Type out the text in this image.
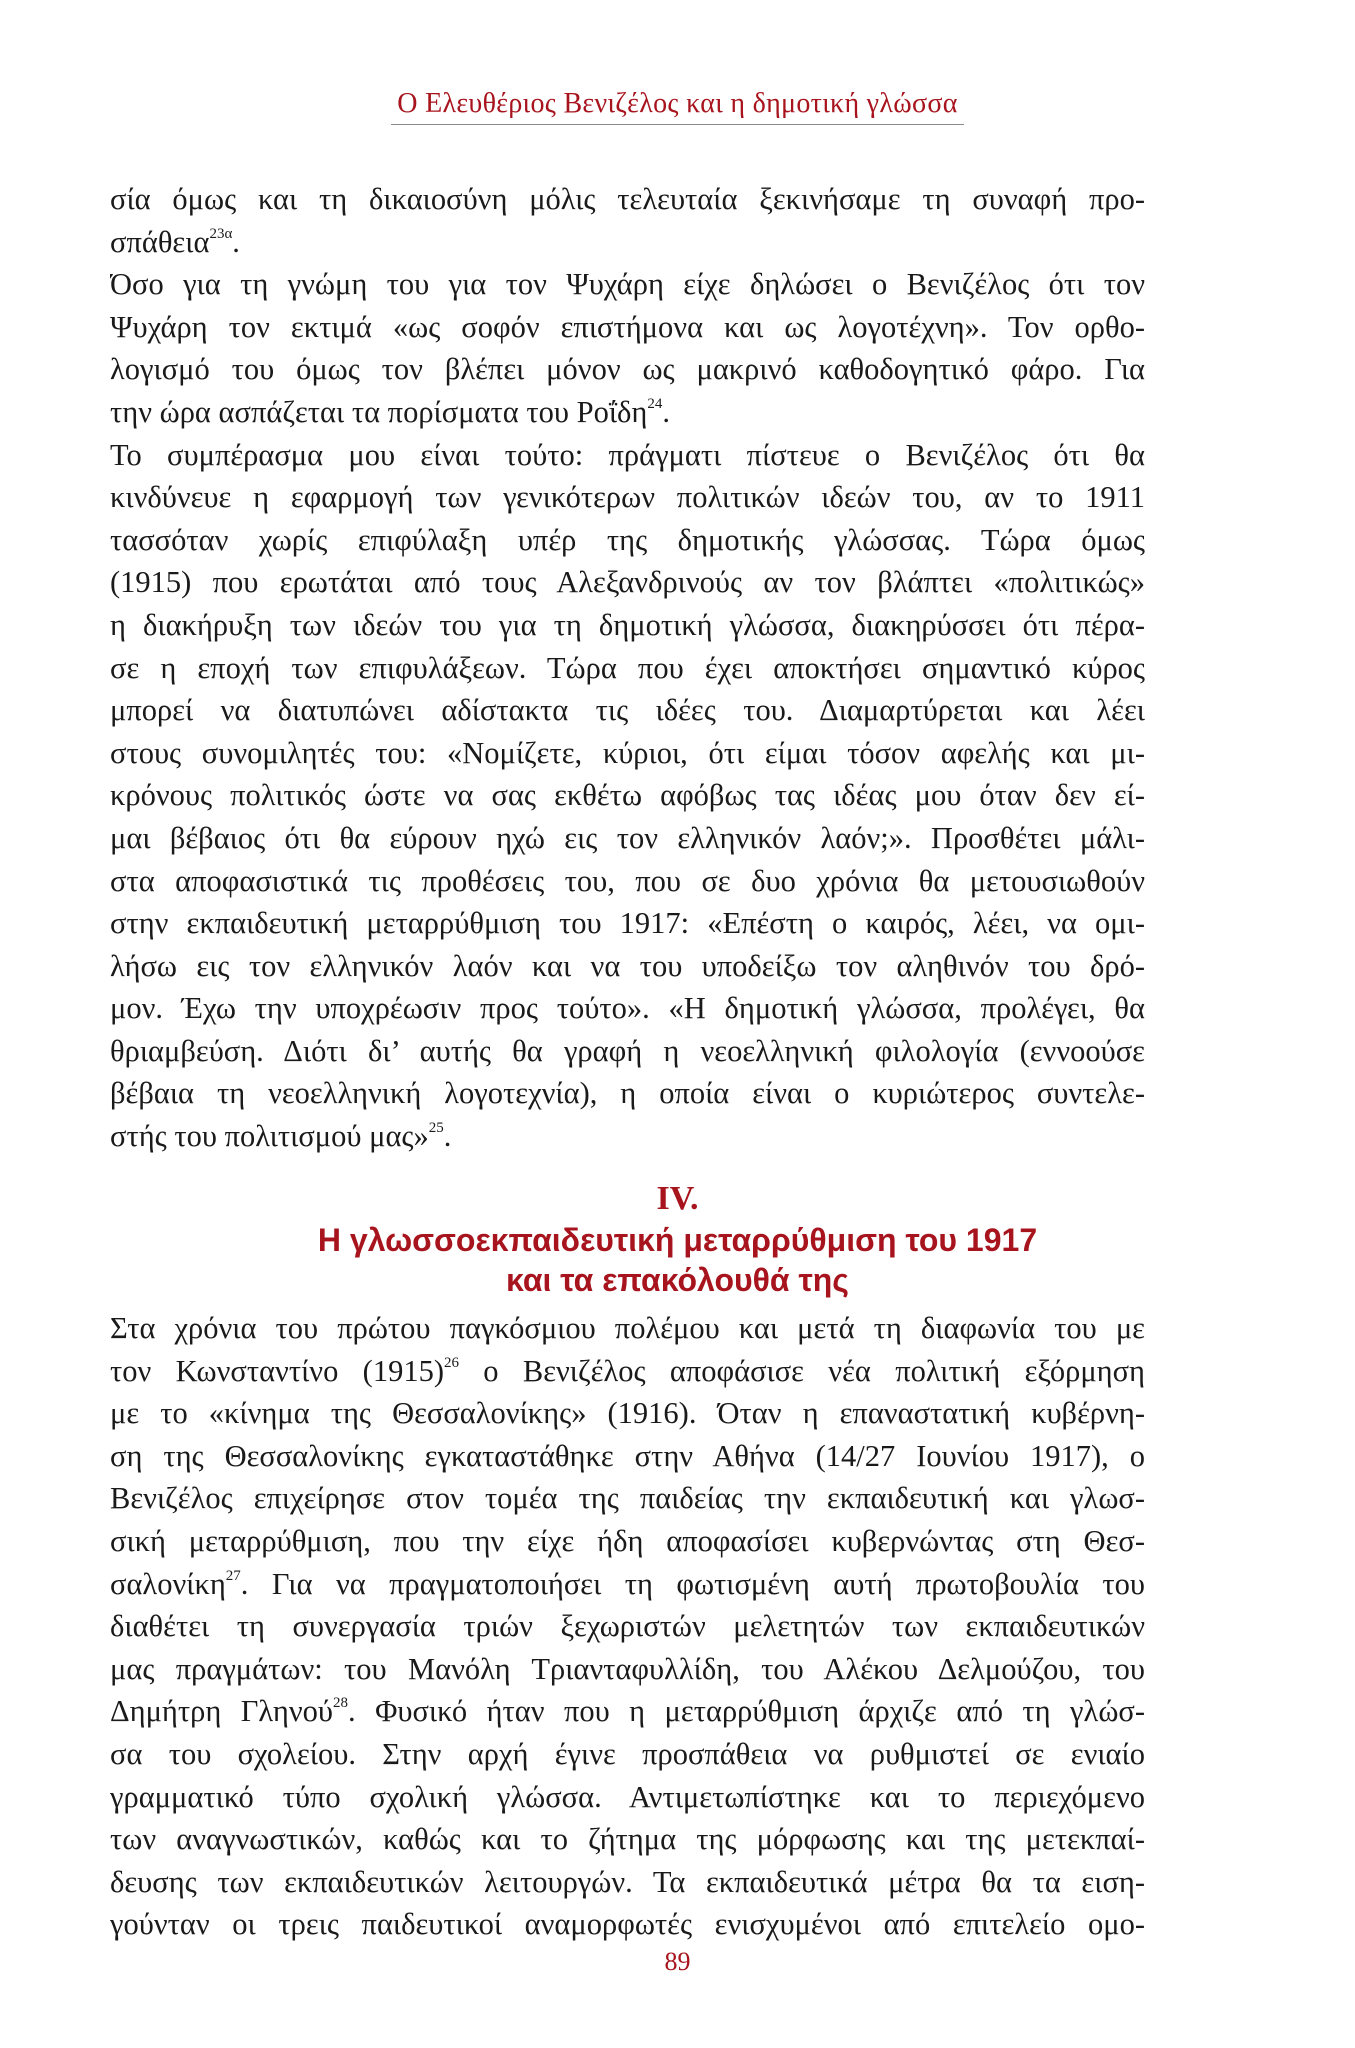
Ο Ελευθέριος Βενιζέλος και η δημοτική γλώσσα
σία όμως και τη δικαιοσύνη μόλις τελευταία ξεκινήσαμε τη συναφή προ-
σπάθεια$^{23\alpha}$.
Όσο για τη γνώμη του για τον Ψυχάρη είχε δηλώσει ο Βενιζέλος ότι τον
Ψυχάρη τον εκτιμά «ως σοφόν επιστήμονα και ως λογοτέχνη». Τον ορθο-
λογισμό του όμως τον βλέπει μόνον ως μακρινό καθοδογητικό φάρο. Για
την ώρα ασπάζεται τα πορίσματα του Ροΐδη$^{24}$.
Το συμπέρασμα μου είναι τούτο: πράγματι πίστευε ο Βενιζέλος ότι θα
κινδύνευε η εφαρμογή των γενικότερων πολιτικών ιδεών του, αν το 1911
τασσόταν χωρίς επιφύλαξη υπέρ της δημοτικής γλώσσας. Τώρα όμως
(1915) που ερωτάται από τους Αλεξανδρινούς αν τον βλάπτει «πολιτικώς»
η διακήρυξη των ιδεών του για τη δημοτική γλώσσα, διακηρύσσει ότι πέρα-
σε η εποχή των επιφυλάξεων. Τώρα που έχει αποκτήσει σημαντικό κύρος
μπορεί να διατυπώνει αδίστακτα τις ιδέες του. Διαμαρτύρεται και λέει
στους συνομιλητές του: «Νομίζετε, κύριοι, ότι είμαι τόσον αφελής και μι-
κρόνους πολιτικός ώστε να σας εκθέτω αφόβως τας ιδέας μου όταν δεν εί-
μαι βέβαιος ότι θα εύρουν ηχώ εις τον ελληνικόν λαόν;». Προσθέτει μάλι-
στα αποφασιστικά τις προθέσεις του, που σε δυο χρόνια θα μετουσιωθούν
στην εκπαιδευτική μεταρρύθμιση του 1917: «Επέστη ο καιρός, λέει, να ομι-
λήσω εις τον ελληνικόν λαόν και να του υποδείξω τον αληθινόν του δρό-
μον. Έχω την υποχρέωσιν προς τούτο». «Η δημοτική γλώσσα, προλέγει, θα
θριαμβεύση. Διότι δι’ αυτής θα γραφή η νεοελληνική φιλολογία (εννοούσε
βέβαια τη νεοελληνική λογοτεχνία), η οποία είναι ο κυριώτερος συντελε-
στής του πολιτισμού μας»$^{25}$.
IV.
Η γλωσσοεκπαιδευτική μεταρρύθμιση του 1917
και τα επακόλουθά της
Στα χρόνια του πρώτου παγκόσμιου πολέμου και μετά τη διαφωνία του με
τον Κωνσταντίνο (1915)$^{26}$ ο Βενιζέλος αποφάσισε νέα πολιτική εξόρμηση
με το «κίνημα της Θεσσαλονίκης» (1916). Όταν η επαναστατική κυβέρνη-
ση της Θεσσαλονίκης εγκαταστάθηκε στην Αθήνα (14/27 Ιουνίου 1917), ο
Βενιζέλος επιχείρησε στον τομέα της παιδείας την εκπαιδευτική και γλωσ-
σική μεταρρύθμιση, που την είχε ήδη αποφασίσει κυβερνώντας στη Θεσ-
σαλονίκη$^{27}$. Για να πραγματοποιήσει τη φωτισμένη αυτή πρωτοβουλία του
διαθέτει τη συνεργασία τριών ξεχωριστών μελετητών των εκπαιδευτικών
μας πραγμάτων: του Μανόλη Τριανταφυλλίδη, του Αλέκου Δελμούζου, του
Δημήτρη Γληνού$^{28}$. Φυσικό ήταν που η μεταρρύθμιση άρχιζε από τη γλώσ-
σα του σχολείου. Στην αρχή έγινε προσπάθεια να ρυθμιστεί σε ενιαίο
γραμματικό τύπο σχολική γλώσσα. Αντιμετωπίστηκε και το περιεχόμενο
των αναγνωστικών, καθώς και το ζήτημα της μόρφωσης και της μετεκπαί-
δευσης των εκπαιδευτικών λειτουργών. Τα εκπαιδευτικά μέτρα θα τα ειση-
γούνταν οι τρεις παιδευτικοί αναμορφωτές ενισχυμένοι από επιτελείο ομο-
89
